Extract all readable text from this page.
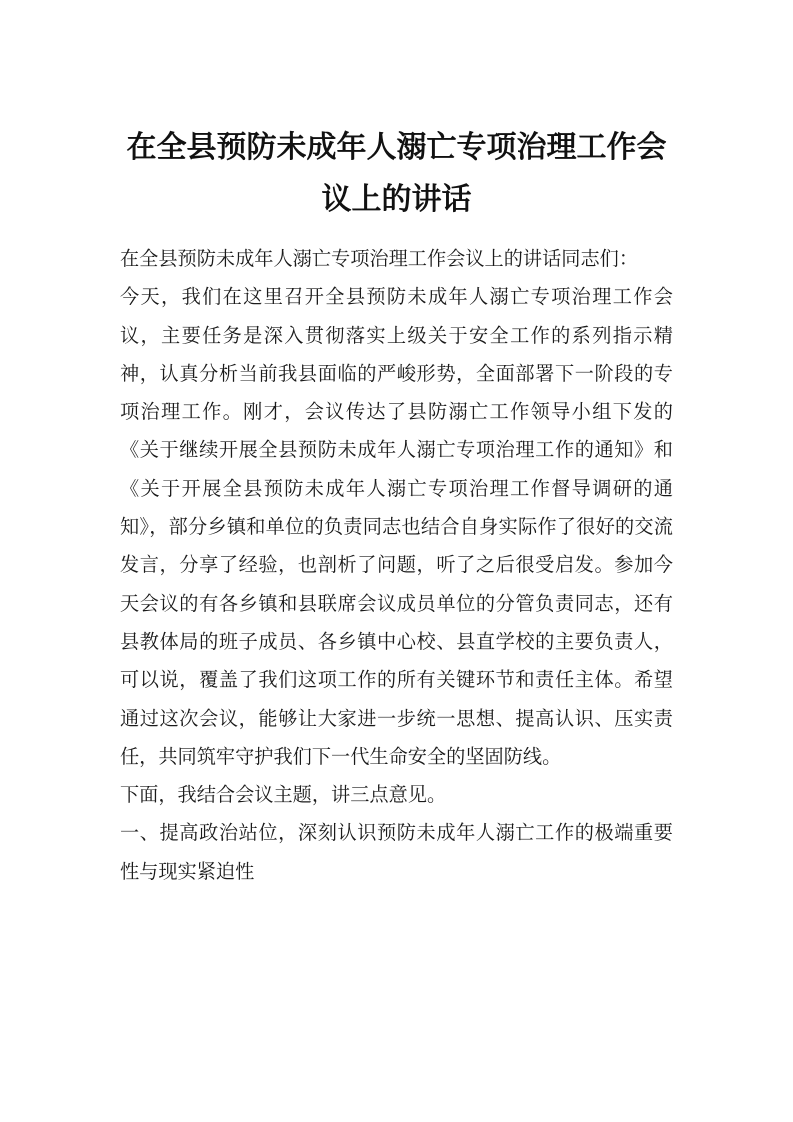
在全县预防未成年人溺亡专项治理工作会议上的讲话

在全县预防未成年人溺亡专项治理工作会议上的讲话同志们：

今天，我们在这里召开全县预防未成年人溺亡专项治理工作会议，主要任务是深入贯彻落实上级关于安全工作的系列指示精神，认真分析当前我县面临的严峻形势，全面部署下一阶段的专项治理工作。刚才，会议传达了县防溺亡工作领导小组下发的《关于继续开展全县预防未成年人溺亡专项治理工作的通知》和《关于开展全县预防未成年人溺亡专项治理工作督导调研的通知》，部分乡镇和单位的负责同志也结合自身实际作了很好的交流发言，分享了经验，也剖析了问题，听了之后很受启发。参加今天会议的有各乡镇和县联席会议成员单位的分管负责同志，还有县教体局的班子成员、各乡镇中心校、县直学校的主要负责人，可以说，覆盖了我们这项工作的所有关键环节和责任主体。希望通过这次会议，能够让大家进一步统一思想、提高认识、压实责任，共同筑牢守护我们下一代生命安全的坚固防线。

下面，我结合会议主题，讲三点意见。

一、提高政治站位，深刻认识预防未成年人溺亡工作的极端重要性与现实紧迫性
